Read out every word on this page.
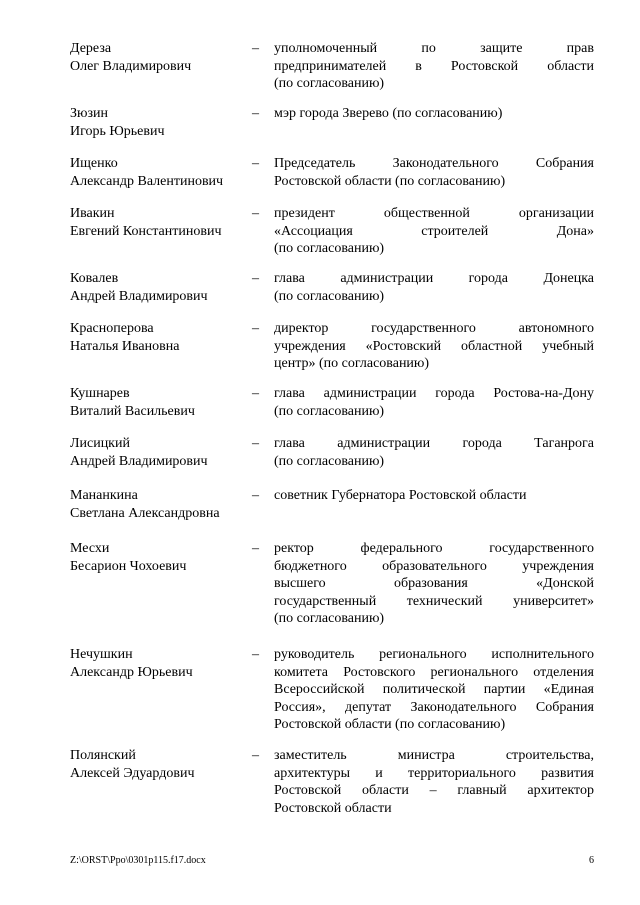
Дереза
Олег Владимирович
–	уполномоченный по защите прав
предпринимателей в Ростовской области
(по согласованию)
Зюзин
Игорь Юрьевич
–	мэр города Зверево (по согласованию)
Ищенко
Александр Валентинович
–	Председатель Законодательного Собрания
Ростовской области (по согласованию)
Ивакин
Евгений Константинович
–	президент общественной организации
«Ассоциация строителей Дона»
(по согласованию)
Ковалев
Андрей Владимирович
–	глава администрации города Донецка
(по согласованию)
Красноперова
Наталья Ивановна
–	директор государственного автономного
учреждения «Ростовский областной учебный
центр» (по согласованию)
Кушнарев
Виталий Васильевич
–	глава администрации города Ростова-на-Дону
(по согласованию)
Лисицкий
Андрей Владимирович
–	глава администрации города Таганрога
(по согласованию)
Мананкина
Светлана Александровна
–	советник Губернатора Ростовской области
Месхи
Бесарион Чохоевич
–	ректор федерального государственного
бюджетного образовательного учреждения
высшего образования «Донской
государственный технический университет»
(по согласованию)
Нечушкин
Александр Юрьевич
–	руководитель регионального исполнительного
комитета Ростовского регионального отделения
Всероссийской политической партии «Единая
Россия», депутат Законодательного Собрания
Ростовской области (по согласованию)
Полянский
Алексей Эдуардович
–	заместитель министра строительства,
архитектуры и территориального развития
Ростовской области – главный архитектор
Ростовской области
Z:\ORST\Ppo\0301p115.f17.docx	6
